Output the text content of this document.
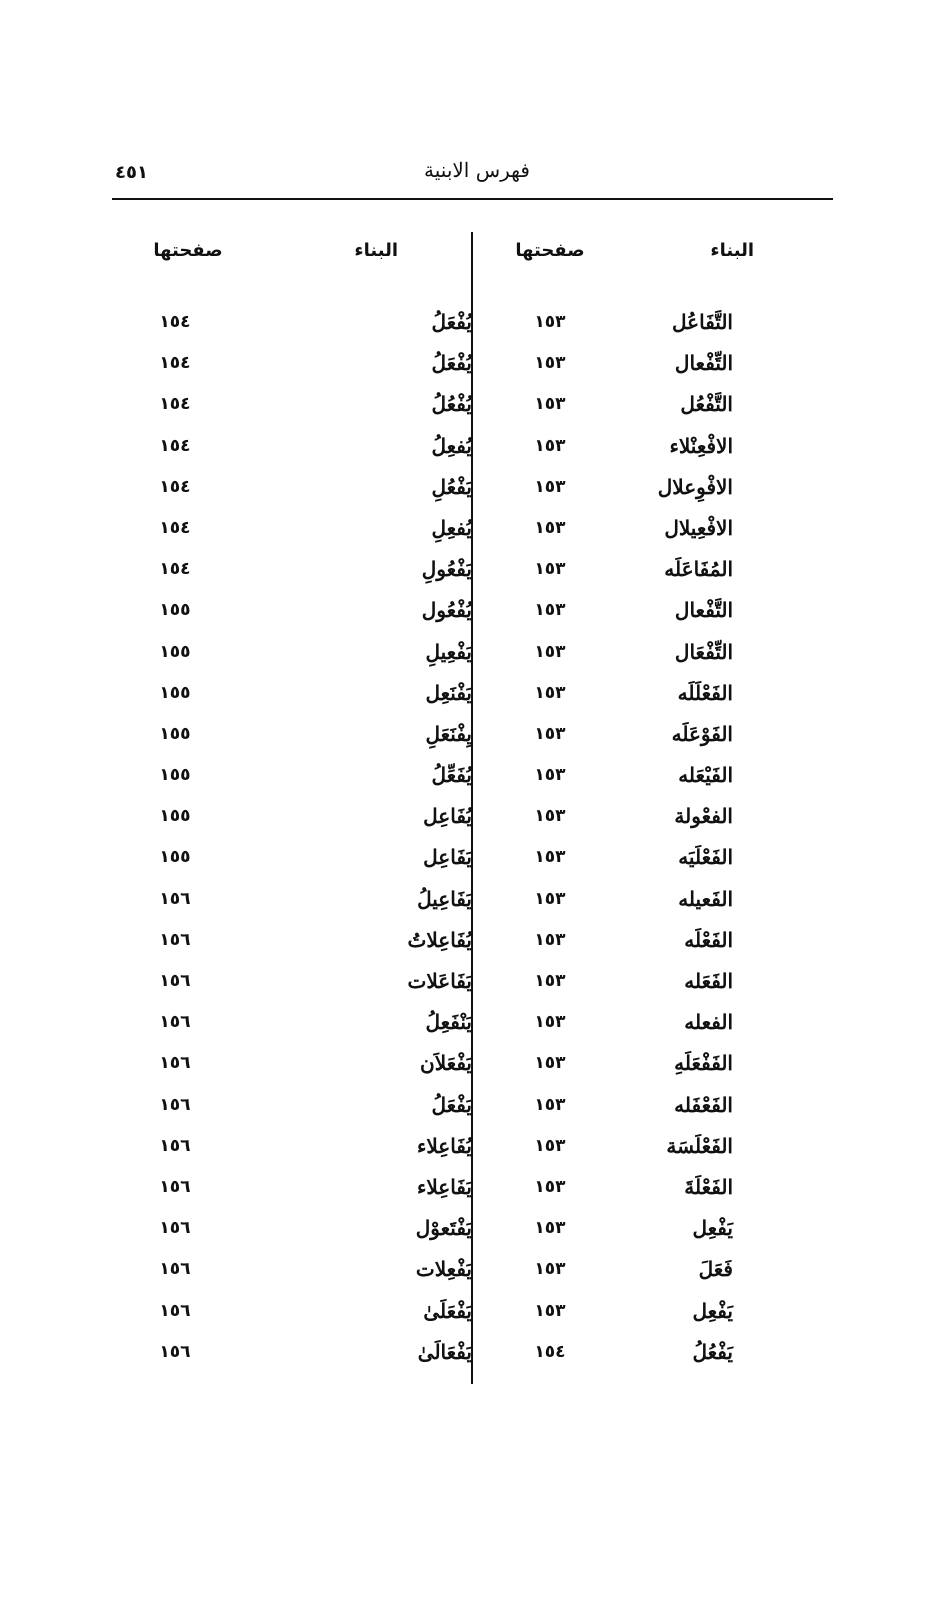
٤٥١	فهرس الابنية
البناء
صفحتها
البناء
صفحتها
التَّفَاعُل
١٥٣
التِّفْعال
١٥٣
التَّفْعُل
١٥٣
الافْعِنْلاء
١٥٣
الافْوِعلال
١٥٣
الافْعِيلال
١٥٣
المُفَاعَلَه
١٥٣
التَّفْعال
١٥٣
التِّفْعَال
١٥٣
الفَعْلَلَه
١٥٣
الفَوْعَلَه
١٥٣
الفَيْعَله
١٥٣
الفعْولة
١٥٣
الفَعْلَيَه
١٥٣
الفَعيله
١٥٣
الفَعْلَه
١٥٣
الفَعَله
١٥٣
الفعله
١٥٣
الفَفْعَلَهِ
١٥٣
الفَعْفَله
١٥٣
الفَعْلَسَة
١٥٣
الفَعْلَةَ
١٥٣
يَفْعِل
١٥٣
فَعَلَ
١٥٣
يَفْعِل
١٥٣
يَفْعُلُ
١٥٤
يُفْعَلُ
١٥٤
يُفْعَلُ
١٥٤
يُفْعُلُ
١٥٤
يُفعِلُ
١٥٤
يَفْعُلِ
١٥٤
يُفعِلِ
١٥٤
يَفْعُولِ
١٥٤
يُفْعُول
١٥٥
يَفْعِيلِ
١٥٥
يَفْنَعِل
١٥٥
يِفْنَعَلِ
١٥٥
يُفَعِّلُ
١٥٥
يُفَاعِل
١٥٥
يَفَاعِل
١٥٥
يَفَاعِيلُ
١٥٦
يُفَاعِلاتُ
١٥٦
يَفَاعَلات
١٥٦
يَنْفَعِلُ
١٥٦
يَفْعَلاَن
١٥٦
يَفْعَلُ
١٥٦
يُفَاعِلاء
١٥٦
يَفَاعِلاء
١٥٦
يَفْتَعوْل
١٥٦
يَفْعِلات
١٥٦
يَفْعَلَىٰ
١٥٦
يَفْعَالَىٰ
١٥٦
